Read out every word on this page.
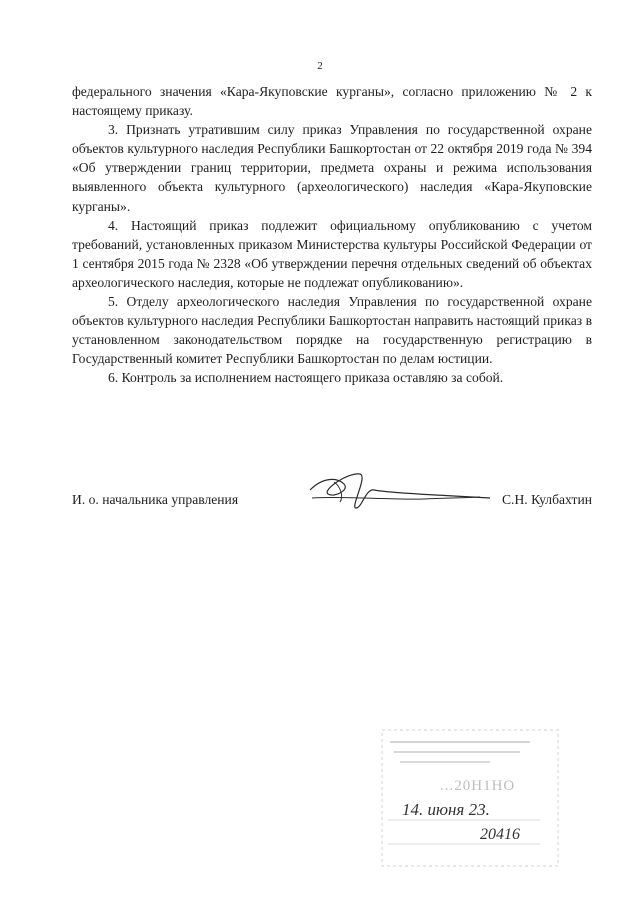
2

федерального значения «Кара-Якуповские курганы», согласно приложению № 2 к настоящему приказу.

3. Признать утратившим силу приказ Управления по государственной охране объектов культурного наследия Республики Башкортостан от 22 октября 2019 года № 394 «Об утверждении границ территории, предмета охраны и режима использования выявленного объекта культурного (археологического) наследия «Кара-Якуповские курганы».

4. Настоящий приказ подлежит официальному опубликованию с учетом требований, установленных приказом Министерства культуры Российской Федерации от 1 сентября 2015 года № 2328 «Об утверждении перечня отдельных сведений об объектах археологического наследия, которые не подлежат опубликованию».

5. Отделу археологического наследия Управления по государственной охране объектов культурного наследия Республики Башкортостан направить настоящий приказ в установленном законодательством порядке на государственную регистрацию в Государственный комитет Республики Башкортостан по делам юстиции.

6. Контроль за исполнением настоящего приказа оставляю за собой.

И. о. начальника управления	С.Н. Кулбахтин
...20Н1НО
14. июня 23.
20416
